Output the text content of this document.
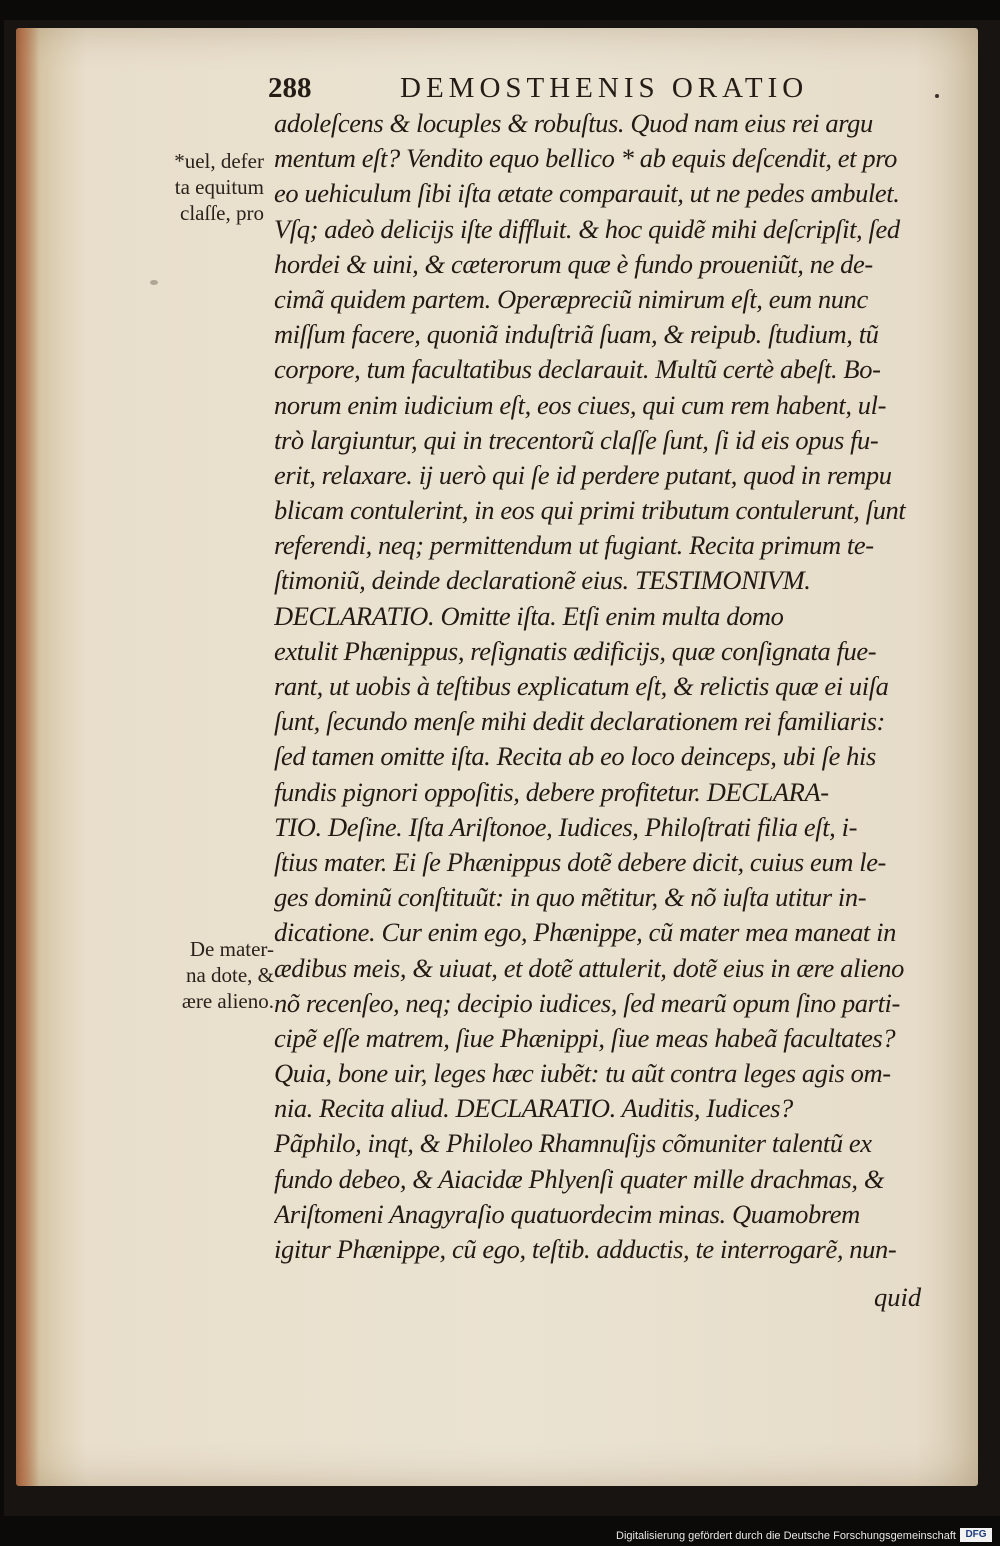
288	DEMOSTHENIS ORATIO
*uel, defer
ta equitum
claſſe, pro
De mater-
na dote, &
ære alieno.
adoleſcens & locuples & robuſtus. Quod nam eius rei argu
mentum eſt? Vendito equo bellico * ab equis deſcendit, et pro
eo uehiculum ſibi iſta ætate comparauit, ut ne pedes ambulet.
Vſq; adeò delicijs iſte diffluit. & hoc quidẽ mihi deſcripſit, ſed
hordei & uini, & cæterorum quæ è fundo proueniũt, ne de-
cimã quidem partem. Operæpreciũ nimirum eſt, eum nunc
miſſum facere, quoniã induſtriã ſuam, & reipub. ſtudium, tũ
corpore, tum facultatibus declarauit. Multũ certè abeſt. Bo-
norum enim iudicium eſt, eos ciues, qui cum rem habent, ul-
trò largiuntur, qui in trecentorũ claſſe ſunt, ſi id eis opus fu-
erit, relaxare. ij uerò qui ſe id perdere putant, quod in rempu
blicam contulerint, in eos qui primi tributum contulerunt, ſunt
referendi, neq; permittendum ut fugiant. Recita primum te-
ſtimoniũ, deinde declarationẽ eius. TESTIMONIVM.
DECLARATIO. Omitte iſta. Etſi enim multa domo
extulit Phænippus, reſignatis ædificijs, quæ conſignata fue-
rant, ut uobis à teſtibus explicatum eſt, & relictis quæ ei uiſa
ſunt, ſecundo menſe mihi dedit declarationem rei familiaris:
ſed tamen omitte iſta. Recita ab eo loco deinceps, ubi ſe his
fundis pignori oppoſitis, debere profitetur. DECLARA-
TIO. Deſine. Iſta Ariſtonoe, Iudices, Philoſtrati filia eſt, i-
ſtius mater. Ei ſe Phænippus dotẽ debere dicit, cuius eum le-
ges dominũ conſtituũt: in quo mẽtitur, & nõ iuſta utitur in-
dicatione. Cur enim ego, Phænippe, cũ mater mea maneat in
ædibus meis, & uiuat, et dotẽ attulerit, dotẽ eius in ære alieno
nõ recenſeo, neq; decipio iudices, ſed mearũ opum ſino parti-
cipẽ eſſe matrem, ſiue Phænippi, ſiue meas habeã facultates?
Quia, bone uir, leges hæc iubẽt: tu aũt contra leges agis om-
nia. Recita aliud. DECLARATIO. Auditis, Iudices?
Pãphilo, inqt, & Philoleo Rhamnuſijs cõmuniter talentũ ex
fundo debeo, & Aiacidæ Phlyenſi quater mille drachmas, &
Ariſtomeni Anagyraſio quatuordecim minas. Quamobrem
igitur Phænippe, cũ ego, teſtib. adductis, te interrogarẽ, nun-
quid
Digitalisierung gefördert durch die Deutsche Forschungsgemeinschaft DFG
